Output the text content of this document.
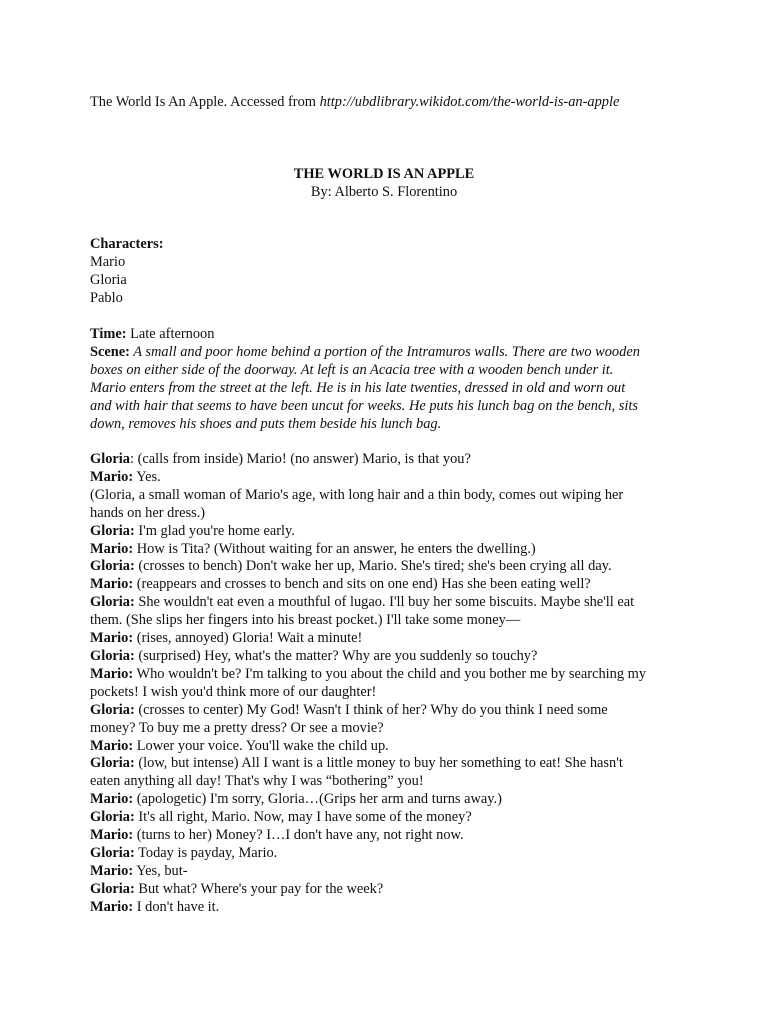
The World Is An Apple. Accessed from http://ubdlibrary.wikidot.com/the-world-is-an-apple
THE WORLD IS AN APPLE
By: Alberto S. Florentino
Characters:
Mario
Gloria
Pablo
Time: Late afternoon
Scene: A small and poor home behind a portion of the Intramuros walls. There are two wooden
boxes on either side of the doorway. At left is an Acacia tree with a wooden bench under it.
Mario enters from the street at the left. He is in his late twenties, dressed in old and worn out
and with hair that seems to have been uncut for weeks. He puts his lunch bag on the bench, sits
down, removes his shoes and puts them beside his lunch bag.
Gloria: (calls from inside) Mario! (no answer) Mario, is that you?
Mario: Yes.
(Gloria, a small woman of Mario's age, with long hair and a thin body, comes out wiping her
hands on her dress.)
Gloria: I'm glad you're home early.
Mario: How is Tita? (Without waiting for an answer, he enters the dwelling.)
Gloria: (crosses to bench) Don't wake her up, Mario. She's tired; she's been crying all day.
Mario: (reappears and crosses to bench and sits on one end) Has she been eating well?
Gloria: She wouldn't eat even a mouthful of lugao. I'll buy her some biscuits. Maybe she'll eat
them. (She slips her fingers into his breast pocket.) I'll take some money—
Mario: (rises, annoyed) Gloria! Wait a minute!
Gloria: (surprised) Hey, what's the matter? Why are you suddenly so touchy?
Mario: Who wouldn't be? I'm talking to you about the child and you bother me by searching my
pockets! I wish you'd think more of our daughter!
Gloria: (crosses to center) My God! Wasn't I think of her? Why do you think I need some
money? To buy me a pretty dress? Or see a movie?
Mario: Lower your voice. You'll wake the child up.
Gloria: (low, but intense) All I want is a little money to buy her something to eat! She hasn't
eaten anything all day! That's why I was “bothering” you!
Mario: (apologetic) I'm sorry, Gloria…(Grips her arm and turns away.)
Gloria: It's all right, Mario. Now, may I have some of the money?
Mario: (turns to her) Money? I…I don't have any, not right now.
Gloria: Today is payday, Mario.
Mario: Yes, but-
Gloria: But what? Where's your pay for the week?
Mario: I don't have it.
